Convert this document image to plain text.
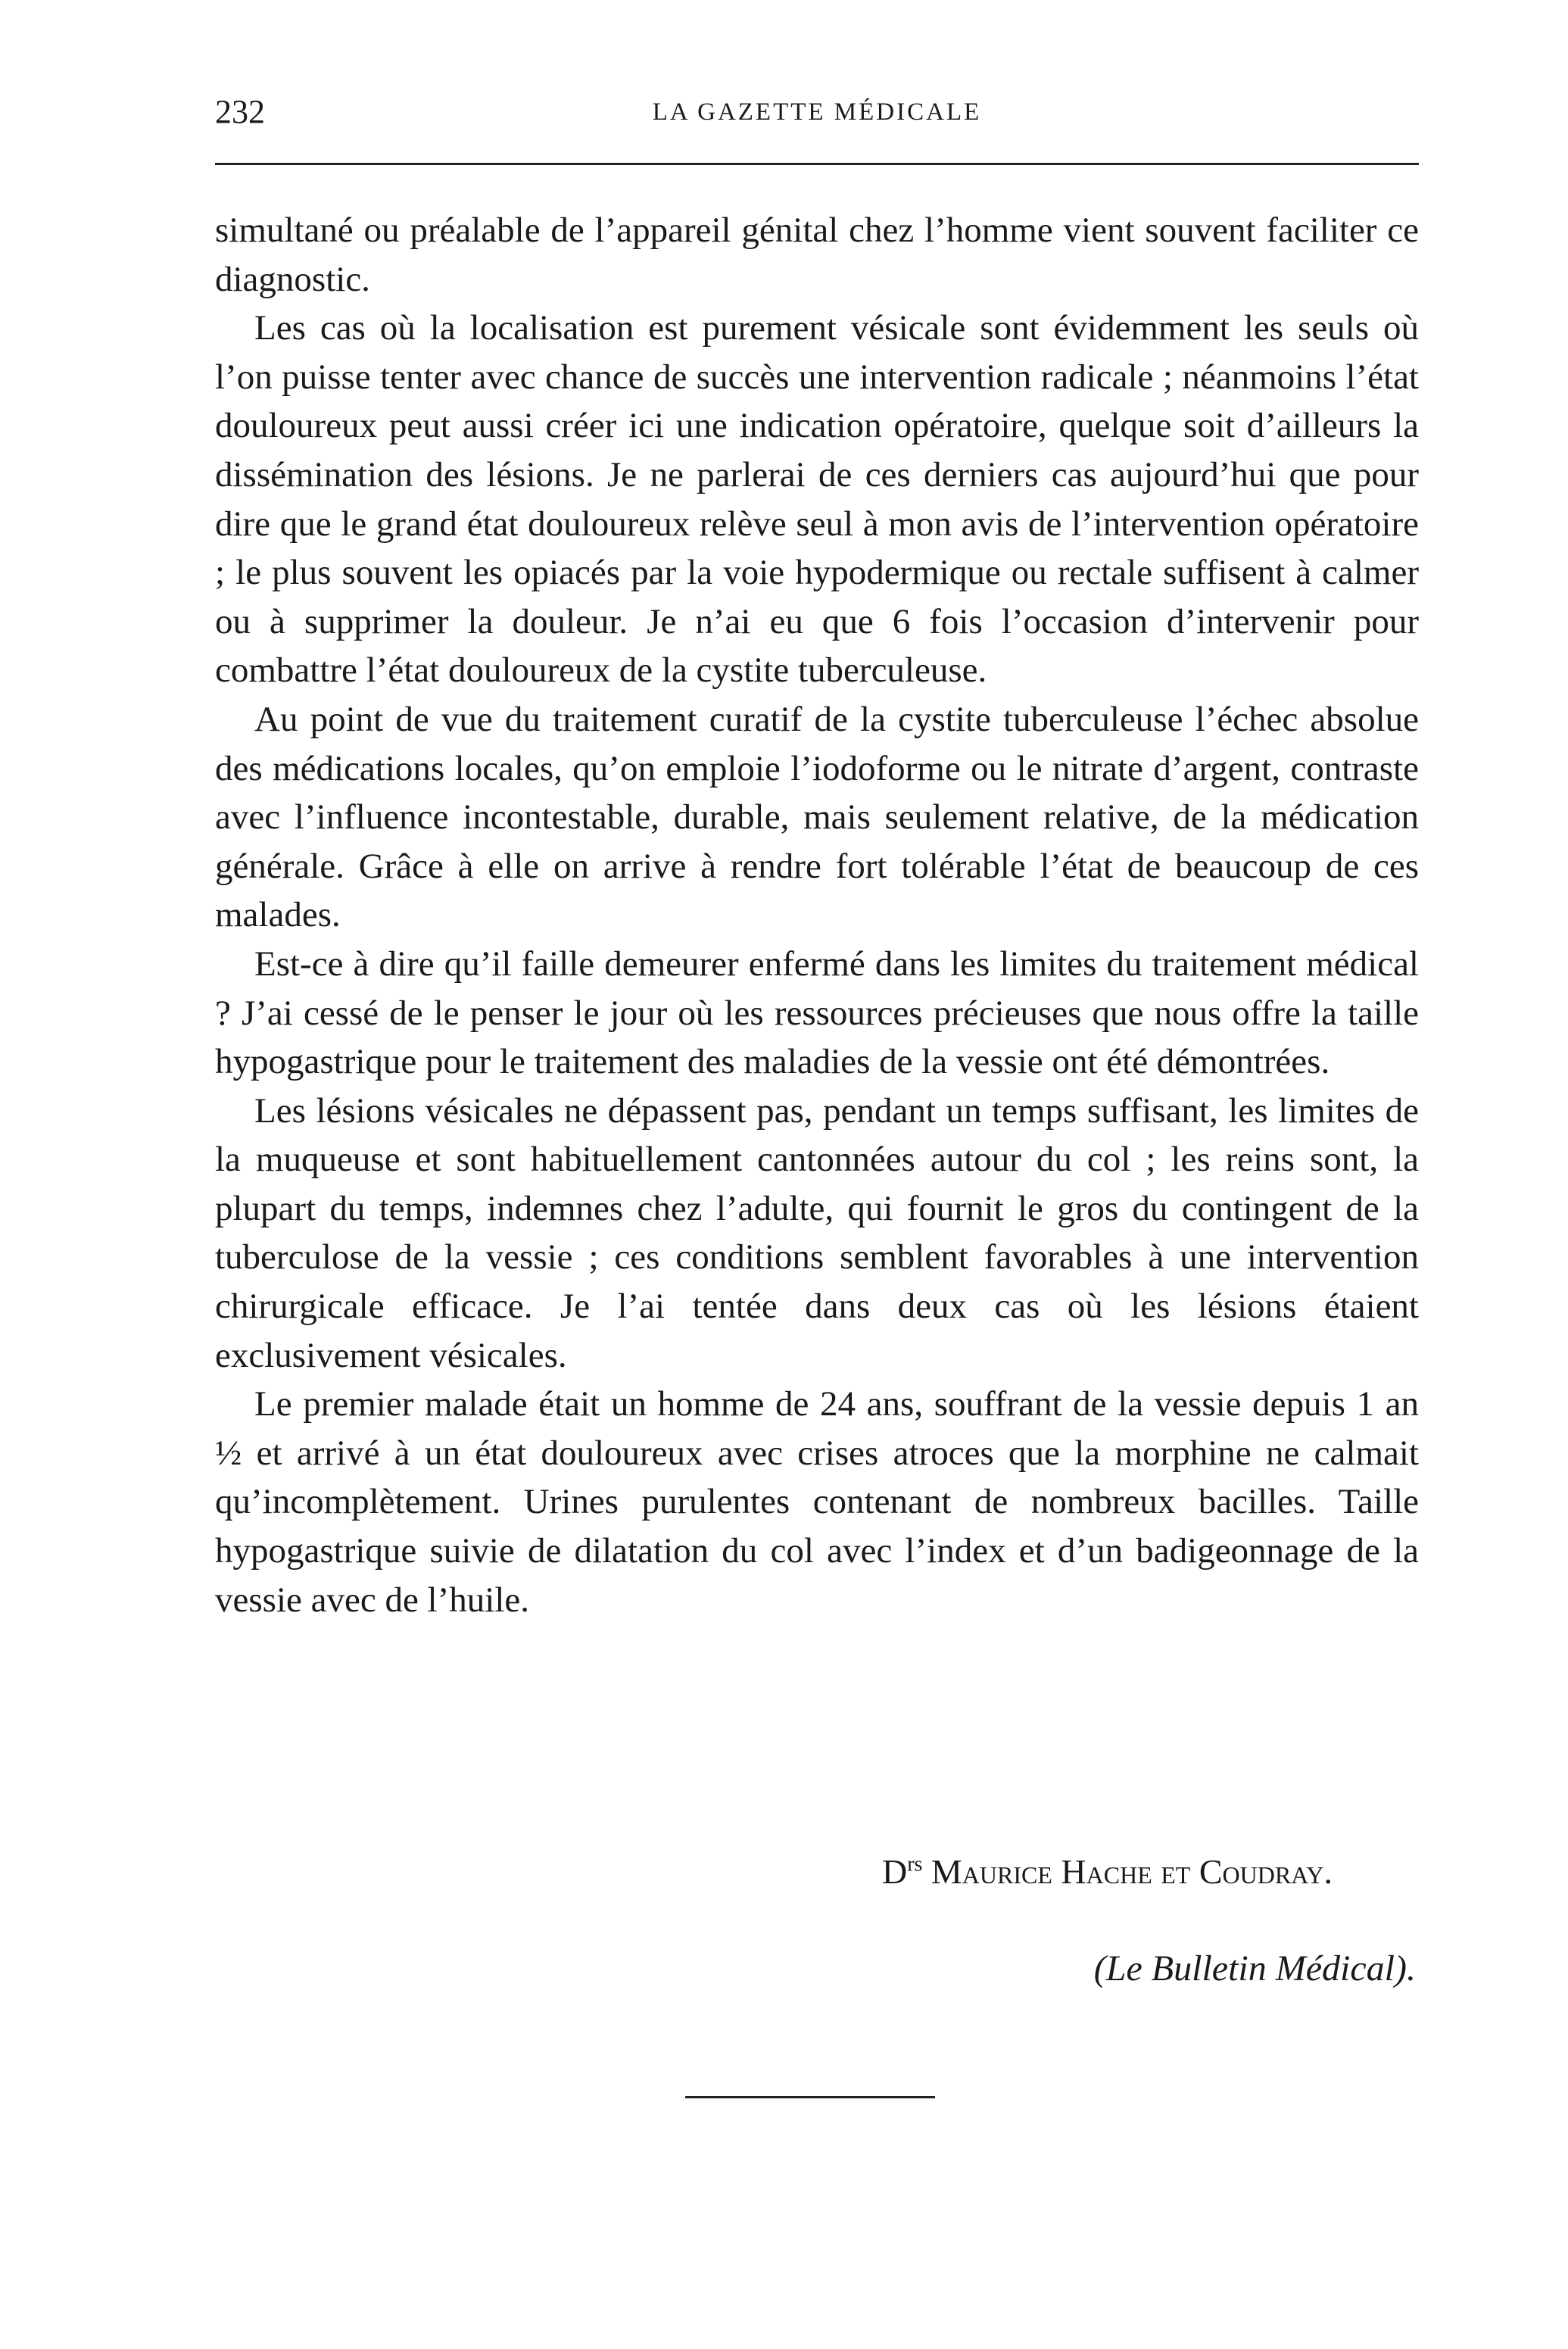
232	LA GAZETTE MÉDICALE

simultané ou préalable de l’appareil génital chez l’homme vient souvent faciliter ce diagnostic.

Les cas où la localisation est purement vésicale sont évidemment les seuls où l’on puisse tenter avec chance de succès une intervention radicale ; néanmoins l’état douloureux peut aussi créer ici une indication opératoire, quelque soit d’ailleurs la dissémination des lésions. Je ne parlerai de ces derniers cas aujourd’hui que pour dire que le grand état douloureux relève seul à mon avis de l’intervention opératoire ; le plus souvent les opiacés par la voie hypodermique ou rectale suffisent à calmer ou à supprimer la douleur. Je n’ai eu que 6 fois l’occasion d’intervenir pour combattre l’état douloureux de la cystite tuberculeuse.

Au point de vue du traitement curatif de la cystite tuberculeuse l’échec absolue des médications locales, qu’on emploie l’iodoforme ou le nitrate d’argent, contraste avec l’influence incontestable, durable, mais seulement relative, de la médication générale. Grâce à elle on arrive à rendre fort tolérable l’état de beaucoup de ces malades.

Est-ce à dire qu’il faille demeurer enfermé dans les limites du traitement médical ? J’ai cessé de le penser le jour où les ressources précieuses que nous offre la taille hypogastrique pour le traitement des maladies de la vessie ont été démontrées.

Les lésions vésicales ne dépassent pas, pendant un temps suffisant, les limites de la muqueuse et sont habituellement cantonnées autour du col ; les reins sont, la plupart du temps, indemnes chez l’adulte, qui fournit le gros du contingent de la tuberculose de la vessie ; ces conditions semblent favorables à une intervention chirurgicale efficace. Je l’ai tentée dans deux cas où les lésions étaient exclusivement vésicales.

Le premier malade était un homme de 24 ans, souffrant de la vessie depuis 1 an ½ et arrivé à un état douloureux avec crises atroces que la morphine ne calmait qu’incomplètement. Urines purulentes contenant de nombreux bacilles. Taille hypogastrique suivie de dilatation du col avec l’index et d’un badigeonnage de la vessie avec de l’huile.

$D^{rs}$ Maurice Hache et Coudray.
(Le Bulletin Médical).
